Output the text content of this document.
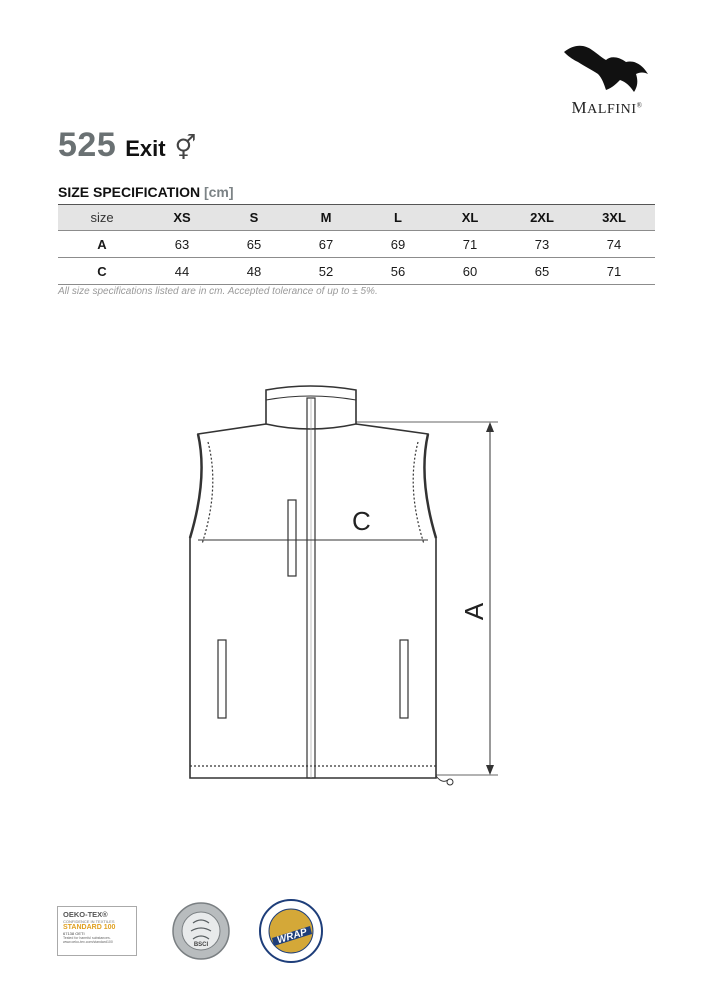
MALFINI®
525 Exit ⚥
SIZE SPECIFICATION [cm]
size	XS	S	M	L	XL	2XL	3XL
A	63	65	67	69	71	73	74
C	44	48	52	56	60	65	71
All size specifications listed are in cm. Accepted tolerance of up to ± 5%.
C
A
OEKO-TEX®
CONFIDENCE IN TEXTILES
STANDARD 100
67138 OETI
Tested for harmful substances.
www.oeko-tex.com/standard100	BSCI	WRAP
